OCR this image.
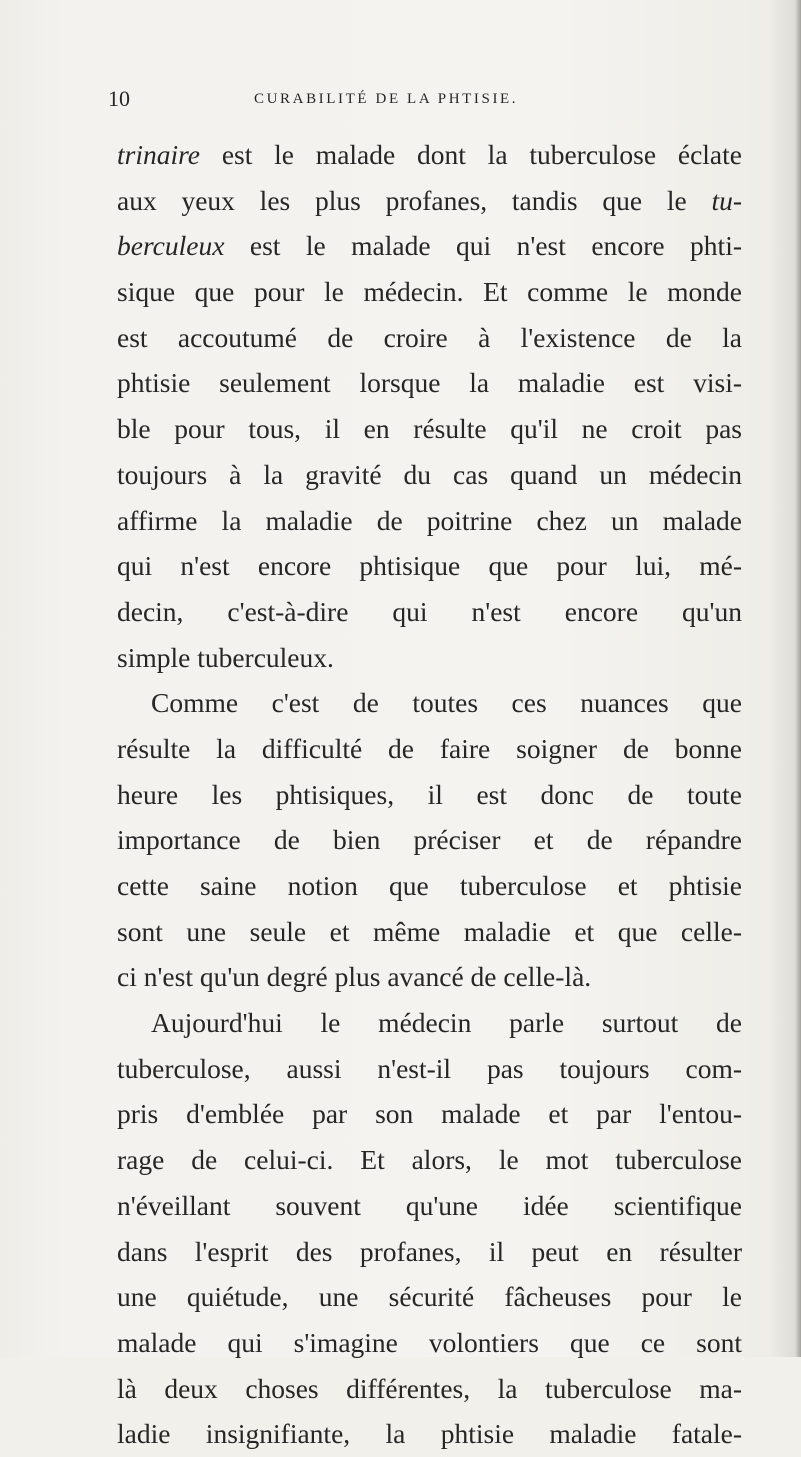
10	CURABILITÉ DE LA PHTISIE.
trinaire est le malade dont la tuberculose éclate
aux yeux les plus profanes, tandis que le tu-
berculeux est le malade qui n'est encore phti-
sique que pour le médecin. Et comme le monde
est accoutumé de croire à l'existence de la
phtisie seulement lorsque la maladie est visi-
ble pour tous, il en résulte qu'il ne croit pas
toujours à la gravité du cas quand un médecin
affirme la maladie de poitrine chez un malade
qui n'est encore phtisique que pour lui, mé-
decin, c'est-à-dire qui n'est encore qu'un
simple tuberculeux.
Comme c'est de toutes ces nuances que
résulte la difficulté de faire soigner de bonne
heure les phtisiques, il est donc de toute
importance de bien préciser et de répandre
cette saine notion que tuberculose et phtisie
sont une seule et même maladie et que celle-
ci n'est qu'un degré plus avancé de celle-là.
Aujourd'hui le médecin parle surtout de
tuberculose, aussi n'est-il pas toujours com-
pris d'emblée par son malade et par l'entou-
rage de celui-ci. Et alors, le mot tuberculose
n'éveillant souvent qu'une idée scientifique
dans l'esprit des profanes, il peut en résulter
une quiétude, une sécurité fâcheuses pour le
malade qui s'imagine volontiers que ce sont
là deux choses différentes, la tuberculose ma-
ladie insignifiante, la phtisie maladie fatale-
